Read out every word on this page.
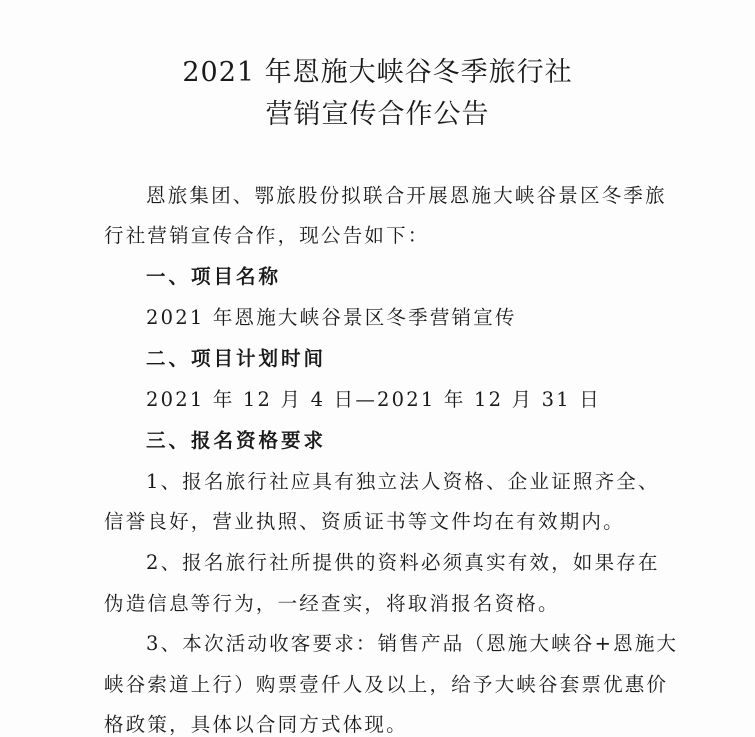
2021 年恩施大峡谷冬季旅行社
营销宣传合作公告
恩旅集团、鄂旅股份拟联合开展恩施大峡谷景区冬季旅
行社营销宣传合作，现公告如下：
一、项目名称
2021 年恩施大峡谷景区冬季营销宣传
二、项目计划时间
2021 年 12 月 4 日—2021 年 12 月 31 日
三、报名资格要求
1、报名旅行社应具有独立法人资格、企业证照齐全、
信誉良好，营业执照、资质证书等文件均在有效期内。
2、报名旅行社所提供的资料必须真实有效，如果存在
伪造信息等行为，一经查实，将取消报名资格。
3、本次活动收客要求：销售产品（恩施大峡谷+恩施大
峡谷索道上行）购票壹仟人及以上，给予大峡谷套票优惠价
格政策，具体以合同方式体现。
